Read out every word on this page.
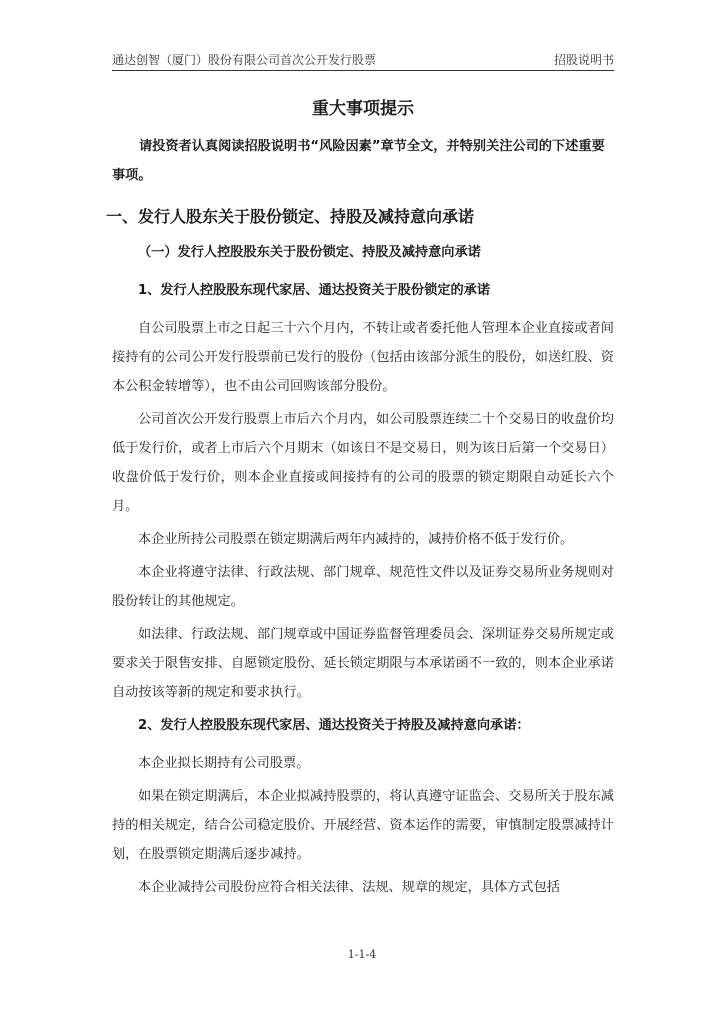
通达创智（厦门）股份有限公司首次公开发行股票	招股说明书
重大事项提示

请投资者认真阅读招股说明书“风险因素”章节全文，并特别关注公司的下述重要事项。

一、发行人股东关于股份锁定、持股及减持意向承诺
（一）发行人控股股东关于股份锁定、持股及减持意向承诺
1、发行人控股股东现代家居、通达投资关于股份锁定的承诺

自公司股票上市之日起三十六个月内，不转让或者委托他人管理本企业直接或者间接持有的公司公开发行股票前已发行的股份（包括由该部分派生的股份，如送红股、资本公积金转增等），也不由公司回购该部分股份。

公司首次公开发行股票上市后六个月内，如公司股票连续二十个交易日的收盘价均低于发行价，或者上市后六个月期末（如该日不是交易日，则为该日后第一个交易日）收盘价低于发行价，则本企业直接或间接持有的公司的股票的锁定期限自动延长六个月。

本企业所持公司股票在锁定期满后两年内减持的，减持价格不低于发行价。

本企业将遵守法律、行政法规、部门规章、规范性文件以及证券交易所业务规则对股份转让的其他规定。

如法律、行政法规、部门规章或中国证券监督管理委员会、深圳证券交易所规定或要求关于限售安排、自愿锁定股份、延长锁定期限与本承诺函不一致的，则本企业承诺自动按该等新的规定和要求执行。

2、发行人控股股东现代家居、通达投资关于持股及减持意向承诺：

本企业拟长期持有公司股票。

如果在锁定期满后，本企业拟减持股票的，将认真遵守证监会、交易所关于股东减持的相关规定，结合公司稳定股价、开展经营、资本运作的需要，审慎制定股票减持计划，在股票锁定期满后逐步减持。

本企业减持公司股份应符合相关法律、法规、规章的规定，具体方式包括

1-1-4
